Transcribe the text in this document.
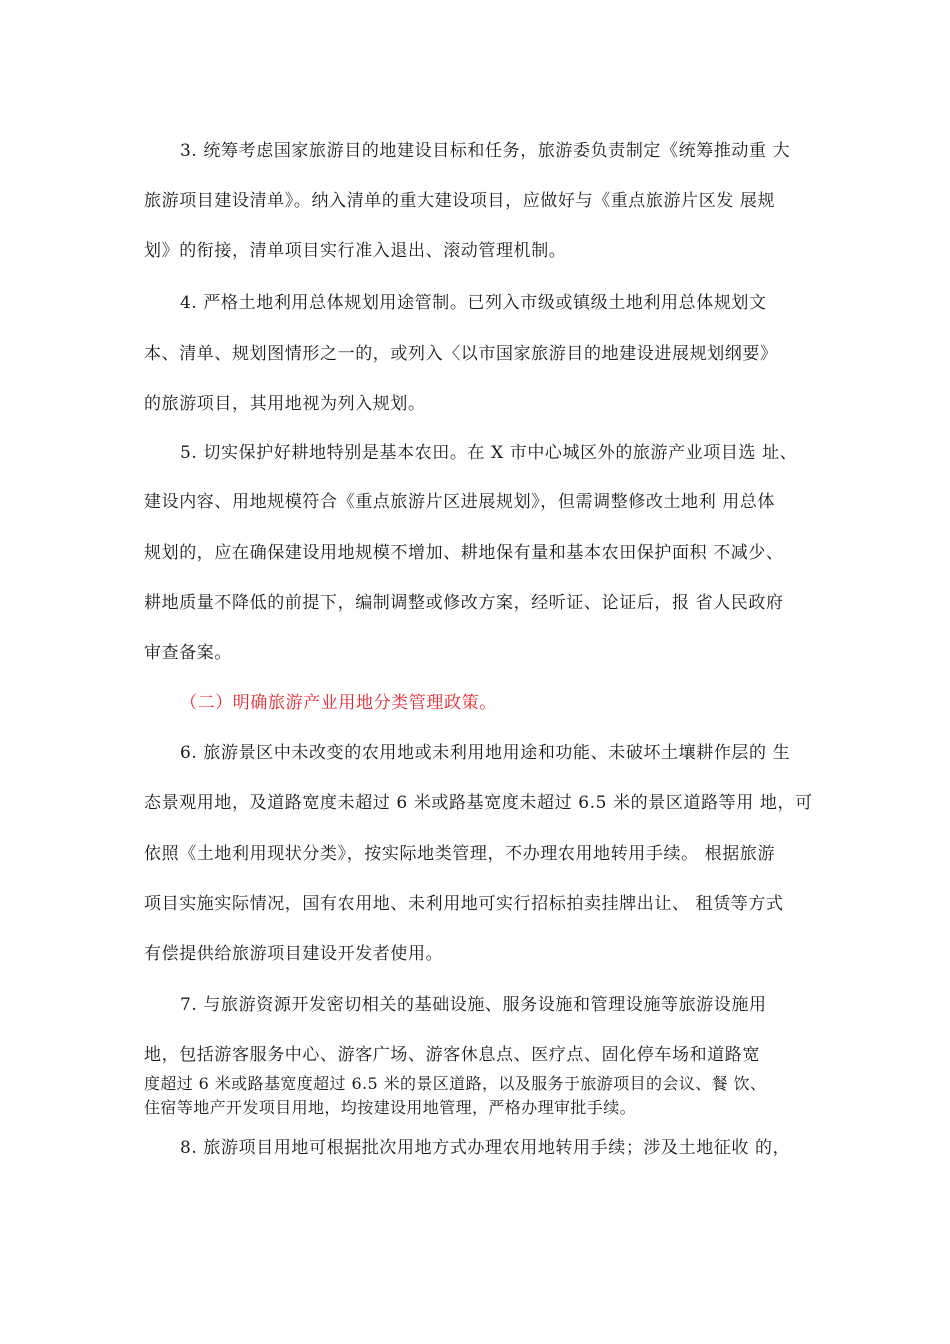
3. 统筹考虑国家旅游目的地建设目标和任务，旅游委负责制定《统筹推动重 大
旅游项目建设清单》。纳入清单的重大建设项目，应做好与《重点旅游片区发 展规
划》的衔接，清单项目实行准入退出、滚动管理机制。
4. 严格土地利用总体规划用途管制。已列入市级或镇级土地利用总体规划文
本、清单、规划图情形之一的，或列入〈以市国家旅游目的地建设进展规划纲要》
的旅游项目，其用地视为列入规划。
5. 切实保护好耕地特别是基本农田。在 X 市中心城区外的旅游产业项目选 址、
建设内容、用地规模符合《重点旅游片区进展规划》，但需调整修改土地利 用总体
规划的，应在确保建设用地规模不增加、耕地保有量和基本农田保护面积 不减少、
耕地质量不降低的前提下，编制调整或修改方案，经听证、论证后，报 省人民政府
审查备案。
（二）明确旅游产业用地分类管理政策。
6. 旅游景区中未改变的农用地或未利用地用途和功能、未破坏土壤耕作层的 生
态景观用地，及道路宽度未超过 6 米或路基宽度未超过 6.5 米的景区道路等用 地，可
依照《土地利用现状分类》，按实际地类管理，不办理农用地转用手续。 根据旅游
项目实施实际情况，国有农用地、未利用地可实行招标拍卖挂牌出让、 租赁等方式
有偿提供给旅游项目建设开发者使用。
7. 与旅游资源开发密切相关的基础设施、服务设施和管理设施等旅游设施用
地，包括游客服务中心、游客广场、游客休息点、医疗点、固化停车场和道路宽
度超过 6 米或路基宽度超过 6.5 米的景区道路，以及服务于旅游项目的会议、餐 饮、
住宿等地产开发项目用地，均按建设用地管理，严格办理审批手续。
8. 旅游项目用地可根据批次用地方式办理农用地转用手续；涉及土地征收 的，
